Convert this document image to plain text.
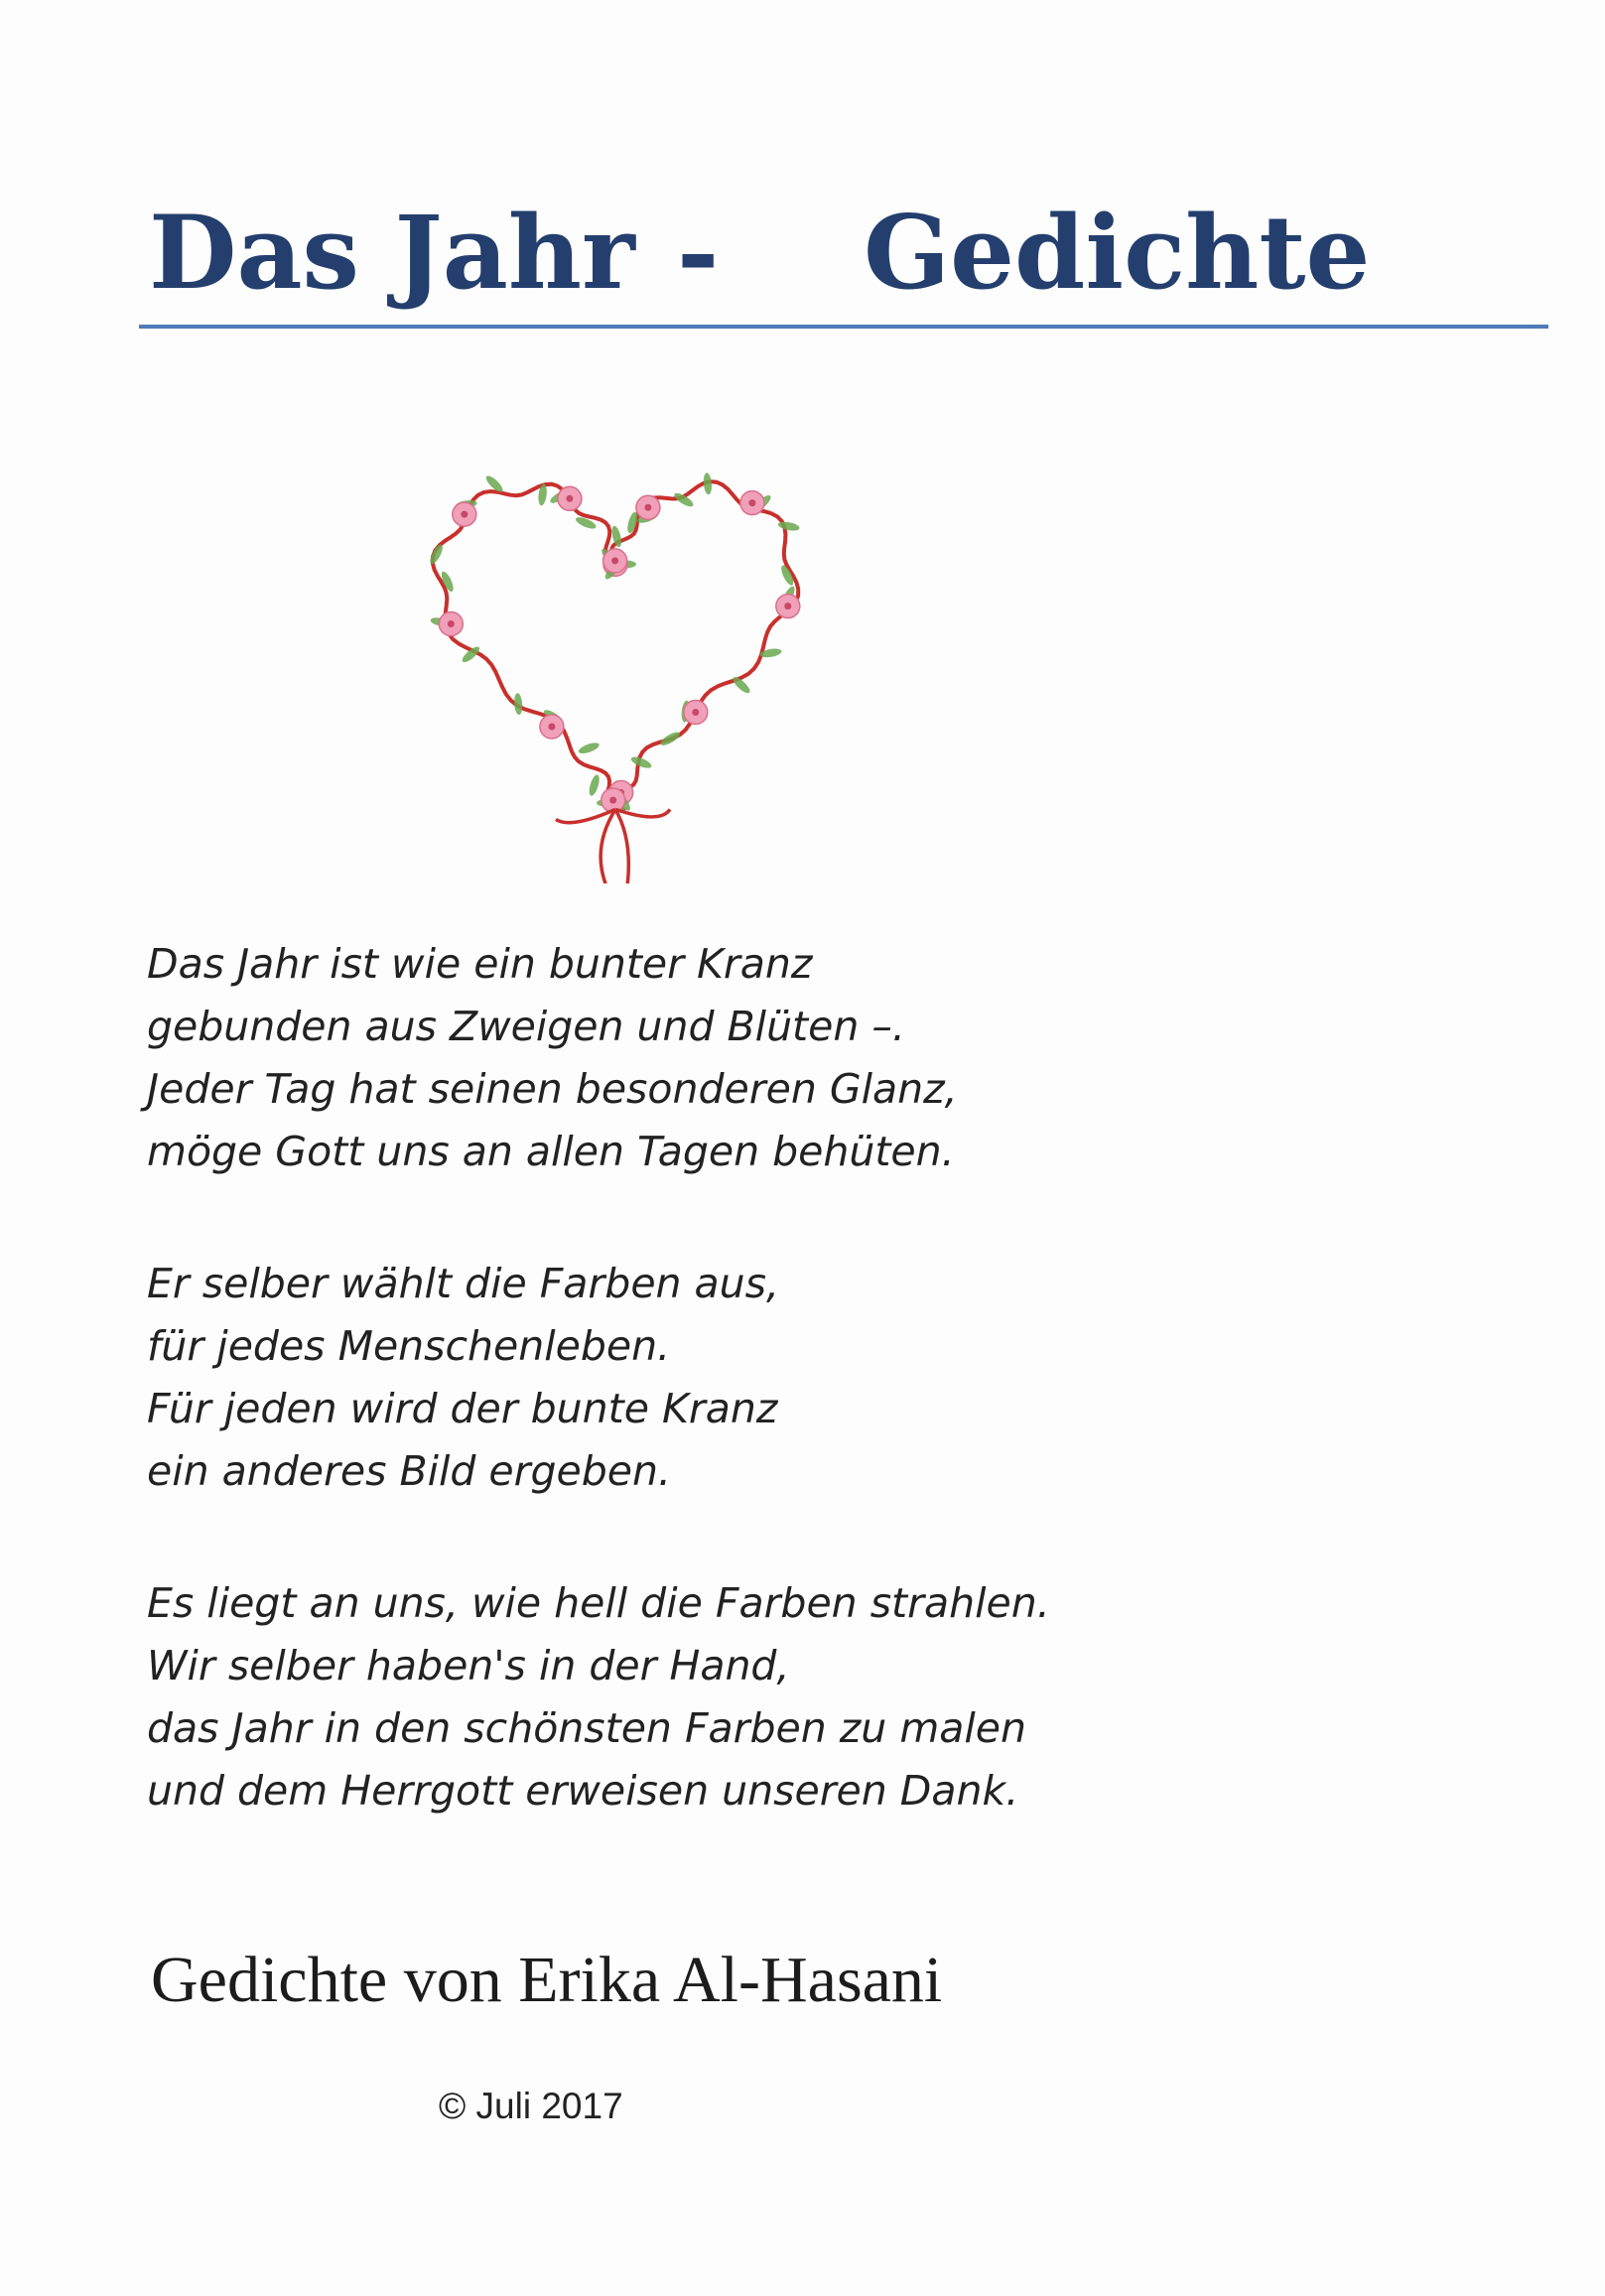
Das Jahr - Gedichte
Das Jahr ist wie ein bunter Kranz
gebunden aus Zweigen und Blüten –.
Jeder Tag hat seinen besonderen Glanz,
möge Gott uns an allen Tagen behüten.
Er selber wählt die Farben aus,
für jedes Menschenleben.
Für jeden wird der bunte Kranz
ein anderes Bild ergeben.
Es liegt an uns, wie hell die Farben strahlen.
Wir selber haben's in der Hand,
das Jahr in den schönsten Farben zu malen
und dem Herrgott erweisen unseren Dank.
Gedichte von Erika Al-Hasani
© Juli 2017
